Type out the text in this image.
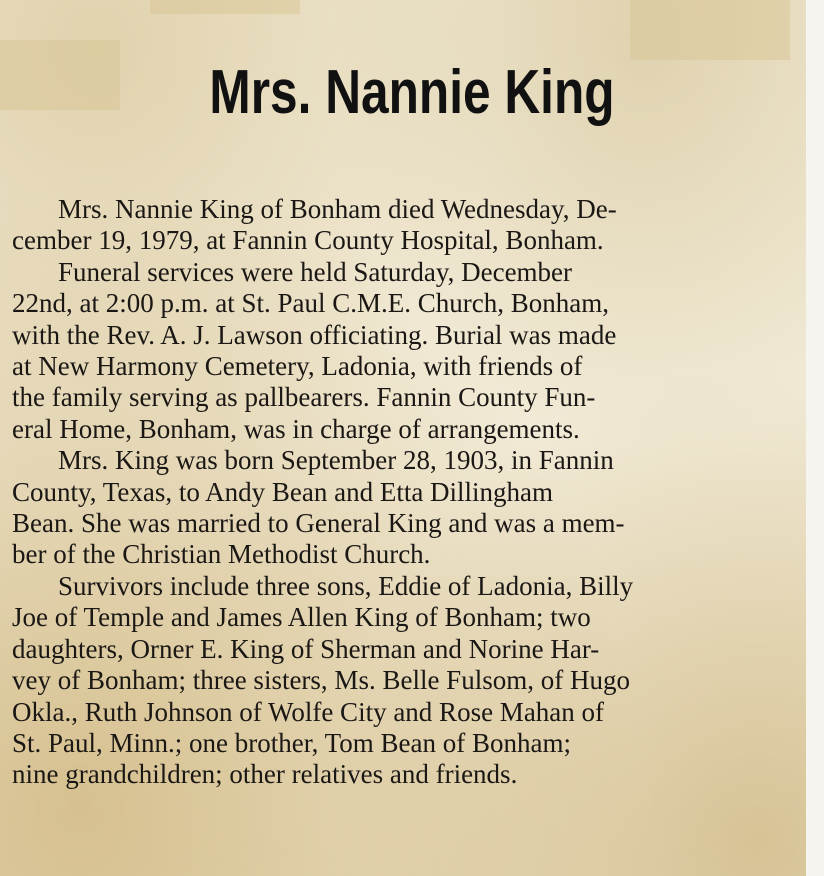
Mrs. Nannie King
Mrs. Nannie King of Bonham died Wednesday, De-
cember 19, 1979, at Fannin County Hospital, Bonham.
Funeral services were held Saturday, December
22nd, at 2:00 p.m. at St. Paul C.M.E. Church, Bonham,
with the Rev. A. J. Lawson officiating. Burial was made
at New Harmony Cemetery, Ladonia, with friends of
the family serving as pallbearers. Fannin County Fun-
eral Home, Bonham, was in charge of arrangements.
Mrs. King was born September 28, 1903, in Fannin
County, Texas, to Andy Bean and Etta Dillingham
Bean. She was married to General King and was a mem-
ber of the Christian Methodist Church.
Survivors include three sons, Eddie of Ladonia, Billy
Joe of Temple and James Allen King of Bonham; two
daughters, Orner E. King of Sherman and Norine Har-
vey of Bonham; three sisters, Ms. Belle Fulsom, of Hugo
Okla., Ruth Johnson of Wolfe City and Rose Mahan of
St. Paul, Minn.; one brother, Tom Bean of Bonham;
nine grandchildren; other relatives and friends.
